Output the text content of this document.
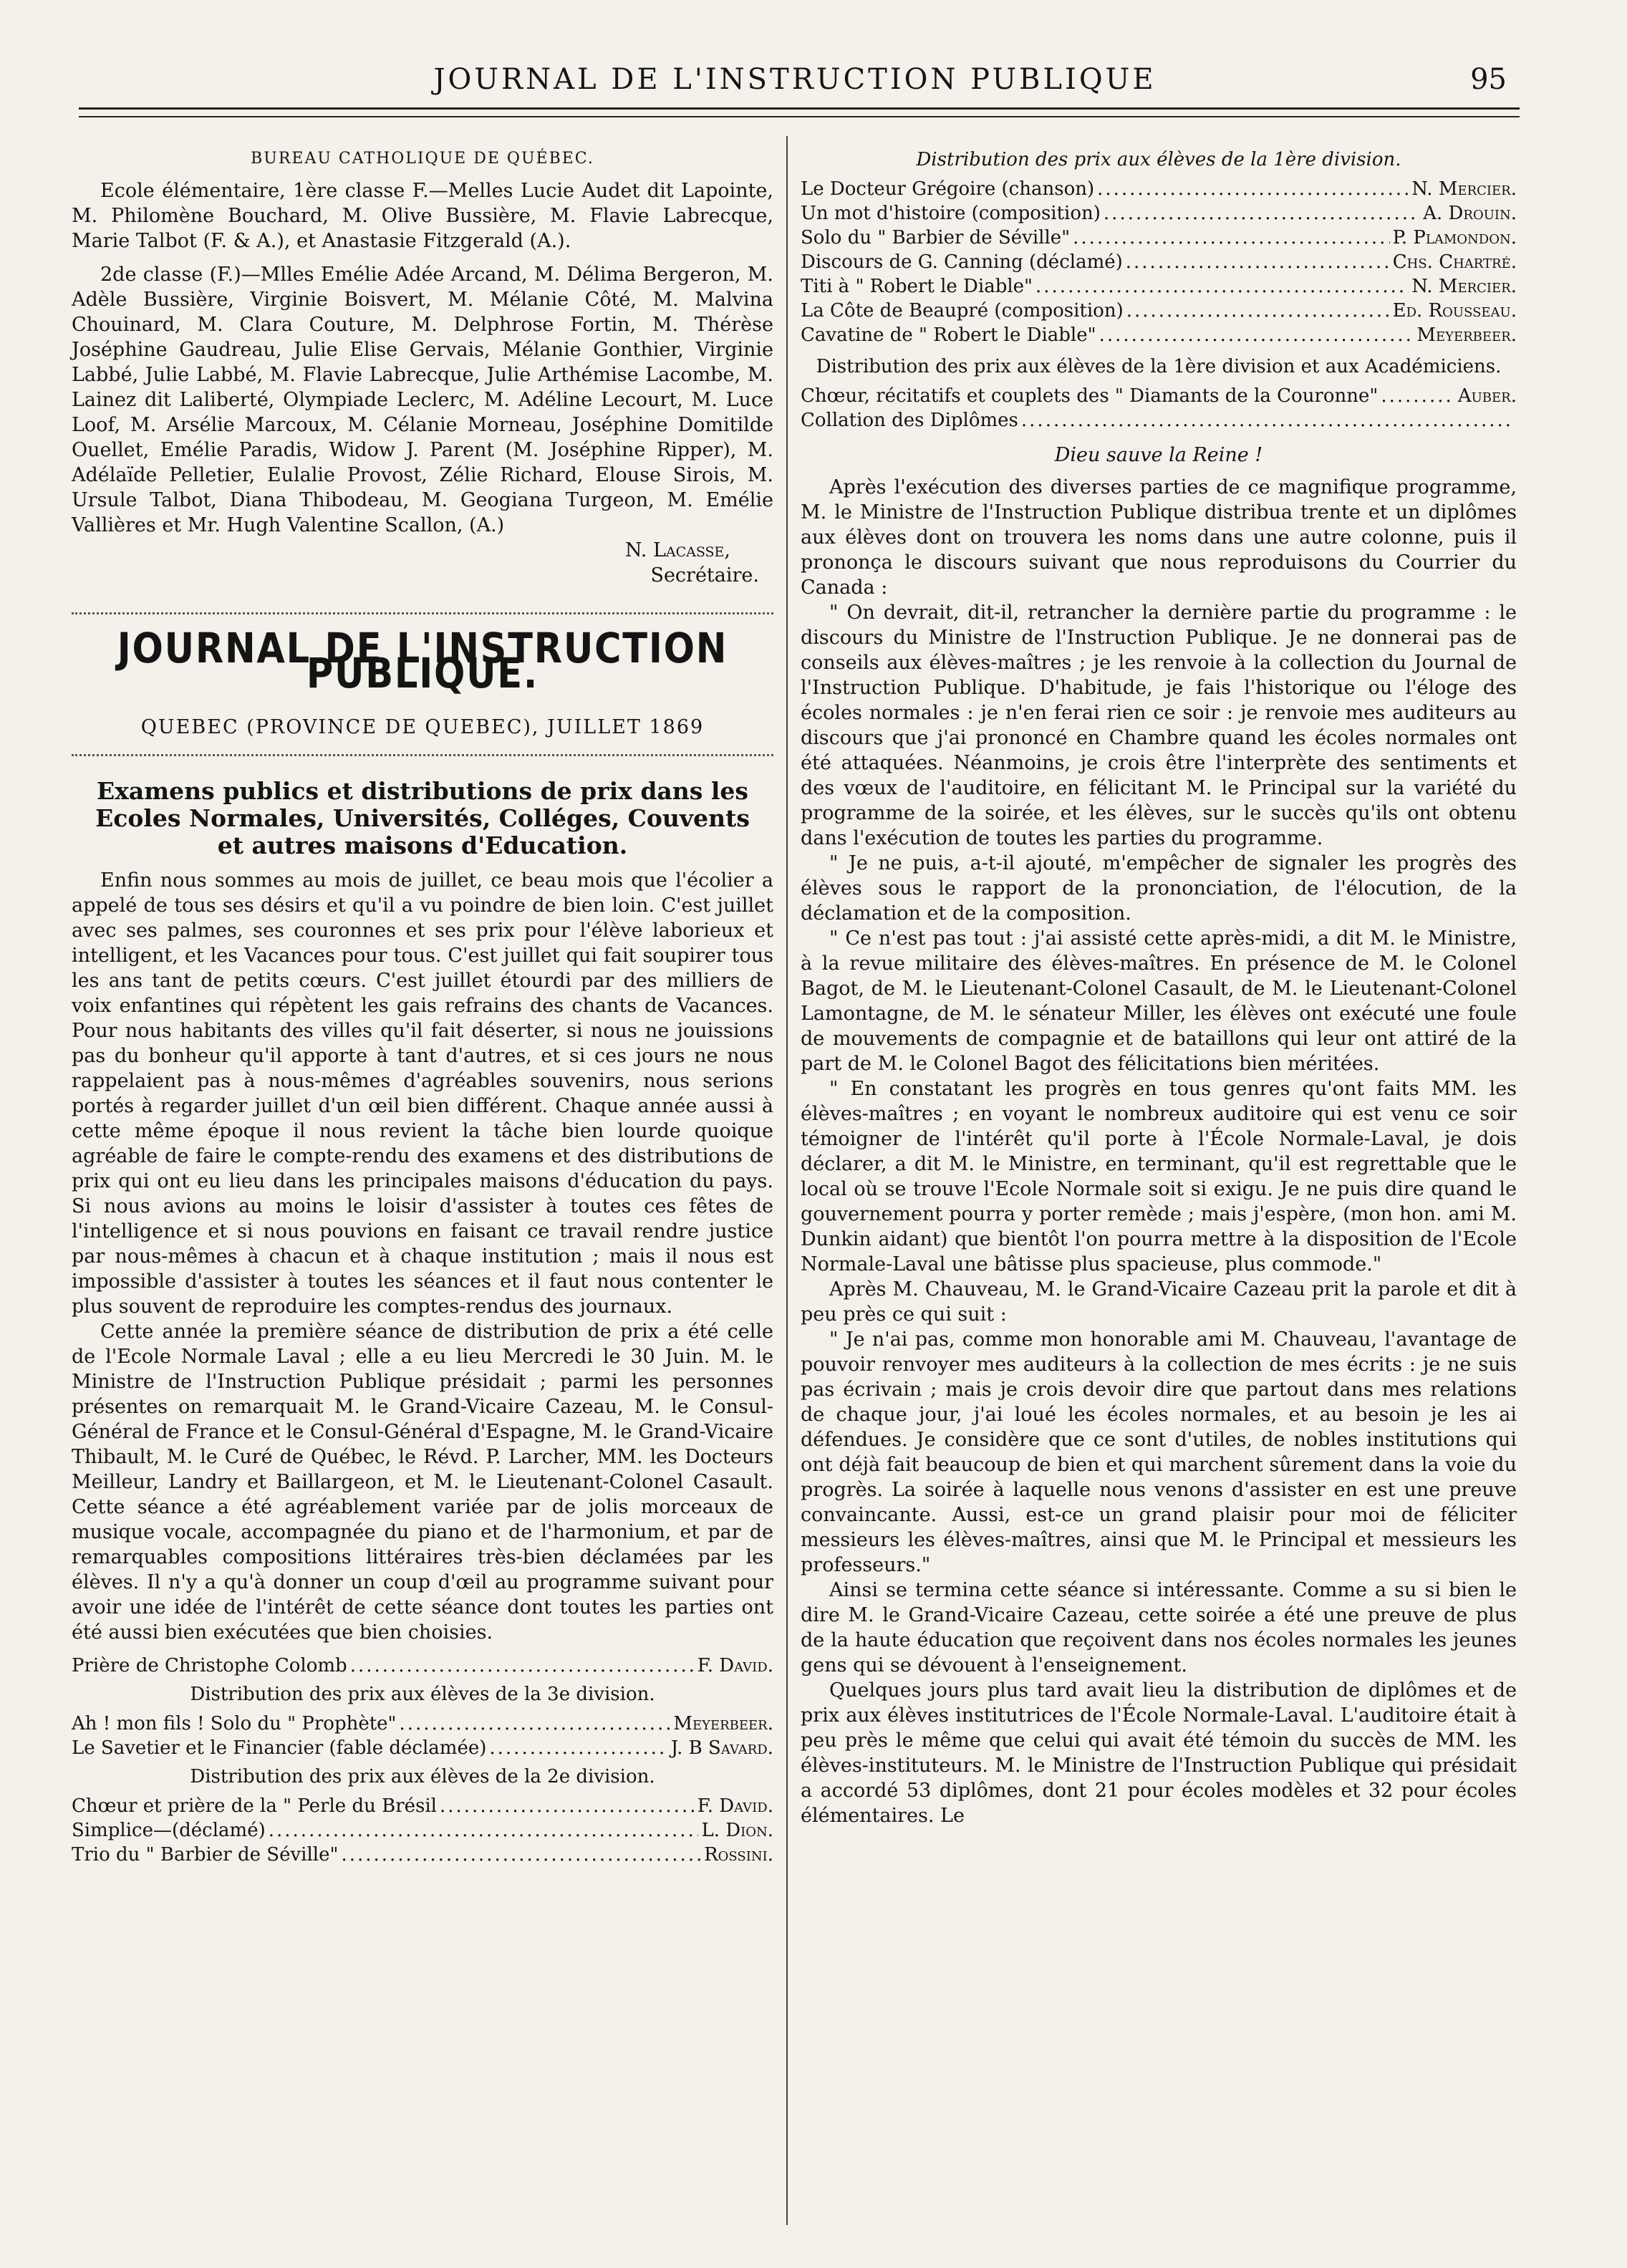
JOURNAL DE L'INSTRUCTION PUBLIQUE	95
BUREAU CATHOLIQUE DE QUÉBEC.

Ecole élémentaire, 1ère classe F.—Melles Lucie Audet dit Lapointe, M. Philomène Bouchard, M. Olive Bussière, M. Flavie Labrecque, Marie Talbot (F. & A.), et Anastasie Fitzgerald (A.).

2de classe (F.)—Mlles Emélie Adée Arcand, M. Délima Bergeron, M. Adèle Bussière, Virginie Boisvert, M. Mélanie Côté, M. Malvina Chouinard, M. Clara Couture, M. Delphrose Fortin, M. Thérèse Joséphine Gaudreau, Julie Elise Gervais, Mélanie Gonthier, Virginie Labbé, Julie Labbé, M. Flavie Labrecque, Julie Arthémise Lacombe, M. Lainez dit Laliberté, Olympiade Leclerc, M. Adéline Lecourt, M. Luce Loof, M. Arsélie Marcoux, M. Célanie Morneau, Joséphine Domitilde Ouellet, Emélie Paradis, Widow J. Parent (M. Joséphine Ripper), M. Adélaïde Pelletier, Eulalie Provost, Zélie Richard, Elouse Sirois, M. Ursule Talbot, Diana Thibodeau, M. Geogiana Turgeon, M. Emélie Vallières et Mr. Hugh Valentine Scallon, (A.)

N. Lacasse,

Secrétaire.

JOURNAL DE L'INSTRUCTION PUBLIQUE.
QUEBEC (PROVINCE DE QUEBEC), JUILLET 1869
Examens publics et distributions de prix dans les Ecoles Normales, Universités, Colléges, Couvents et autres maisons d'Education.

Enfin nous sommes au mois de juillet, ce beau mois que l'écolier a appelé de tous ses désirs et qu'il a vu poindre de bien loin. C'est juillet avec ses palmes, ses couronnes et ses prix pour l'élève laborieux et intelligent, et les Vacances pour tous. C'est juillet qui fait soupirer tous les ans tant de petits cœurs. C'est juillet étourdi par des milliers de voix enfantines qui répètent les gais refrains des chants de Vacances. Pour nous habitants des villes qu'il fait déserter, si nous ne jouissions pas du bonheur qu'il apporte à tant d'autres, et si ces jours ne nous rappelaient pas à nous-mêmes d'agréables souvenirs, nous serions portés à regarder juillet d'un œil bien différent. Chaque année aussi à cette même époque il nous revient la tâche bien lourde quoique agréable de faire le compte-rendu des examens et des distributions de prix qui ont eu lieu dans les principales maisons d'éducation du pays. Si nous avions au moins le loisir d'assister à toutes ces fêtes de l'intelligence et si nous pouvions en faisant ce travail rendre justice par nous-mêmes à chacun et à chaque institution ; mais il nous est impossible d'assister à toutes les séances et il faut nous contenter le plus souvent de reproduire les comptes-rendus des journaux.

Cette année la première séance de distribution de prix a été celle de l'Ecole Normale Laval ; elle a eu lieu Mercredi le 30 Juin. M. le Ministre de l'Instruction Publique présidait ; parmi les personnes présentes on remarquait M. le Grand-Vicaire Cazeau, M. le Consul-Général de France et le Consul-Général d'Espagne, M. le Grand-Vicaire Thibault, M. le Curé de Québec, le Révd. P. Larcher, MM. les Docteurs Meilleur, Landry et Baillargeon, et M. le Lieutenant-Colonel Casault. Cette séance a été agréablement variée par de jolis morceaux de musique vocale, accompagnée du piano et de l'harmonium, et par de remarquables compositions littéraires très-bien déclamées par les élèves. Il n'y a qu'à donner un coup d'œil au programme suivant pour avoir une idée de l'intérêt de cette séance dont toutes les parties ont été aussi bien exécutées que bien choisies.

Prière de Christophe Colomb .....	F. David.
Distribution des prix aux élèves de la 3e division.
Ah ! mon fils ! Solo du " Prophète" .....	Meyerbeer.
Le Savetier et le Financier (fable déclamée) .....	J. B Savard.
Distribution des prix aux élèves de la 2e division.
Chœur et prière de la " Perle du Brésil .....	F. David.
Simplice—(déclamé) .....	L. Dion.
Trio du " Barbier de Séville" .....	Rossini.
Distribution des prix aux élèves de la 1ère division.
Le Docteur Grégoire (chanson) .....	N. Mercier.
Un mot d'histoire (composition) .....	A. Drouin.
Solo du " Barbier de Séville" .....	P. Plamondon.
Discours de G. Canning (déclamé) .....	Chs. Chartré.
Titi à " Robert le Diable" .....	N. Mercier.
La Côte de Beaupré (composition) .....	Ed. Rousseau.
Cavatine de " Robert le Diable" .....	Meyerbeer.
Distribution des prix aux élèves de la 1ère division et aux Académiciens.
Chœur, récitatifs et couplets des " Diamants de la Couronne" .....	Auber.
Collation des Diplômes
.....
Dieu sauve la Reine !

Après l'exécution des diverses parties de ce magnifique programme, M. le Ministre de l'Instruction Publique distribua trente et un diplômes aux élèves dont on trouvera les noms dans une autre colonne, puis il prononça le discours suivant que nous reproduisons du Courrier du Canada :

" On devrait, dit-il, retrancher la dernière partie du programme : le discours du Ministre de l'Instruction Publique. Je ne donnerai pas de conseils aux élèves-maîtres ; je les renvoie à la collection du Journal de l'Instruction Publique. D'habitude, je fais l'historique ou l'éloge des écoles normales : je n'en ferai rien ce soir : je renvoie mes auditeurs au discours que j'ai prononcé en Chambre quand les écoles normales ont été attaquées. Néanmoins, je crois être l'interprète des sentiments et des vœux de l'auditoire, en félicitant M. le Principal sur la variété du programme de la soirée, et les élèves, sur le succès qu'ils ont obtenu dans l'exécution de toutes les parties du programme.

" Je ne puis, a-t-il ajouté, m'empêcher de signaler les progrès des élèves sous le rapport de la prononciation, de l'élocution, de la déclamation et de la composition.

" Ce n'est pas tout : j'ai assisté cette après-midi, a dit M. le Ministre, à la revue militaire des élèves-maîtres. En présence de M. le Colonel Bagot, de M. le Lieutenant-Colonel Casault, de M. le Lieutenant-Colonel Lamontagne, de M. le sénateur Miller, les élèves ont exécuté une foule de mouvements de compagnie et de bataillons qui leur ont attiré de la part de M. le Colonel Bagot des félicitations bien méritées.

" En constatant les progrès en tous genres qu'ont faits MM. les élèves-maîtres ; en voyant le nombreux auditoire qui est venu ce soir témoigner de l'intérêt qu'il porte à l'École Normale-Laval, je dois déclarer, a dit M. le Ministre, en terminant, qu'il est regrettable que le local où se trouve l'Ecole Normale soit si exigu. Je ne puis dire quand le gouvernement pourra y porter remède ; mais j'espère, (mon hon. ami M. Dunkin aidant) que bientôt l'on pourra mettre à la disposition de l'Ecole Normale-Laval une bâtisse plus spacieuse, plus commode."

Après M. Chauveau, M. le Grand-Vicaire Cazeau prit la parole et dit à peu près ce qui suit :

" Je n'ai pas, comme mon honorable ami M. Chauveau, l'avantage de pouvoir renvoyer mes auditeurs à la collection de mes écrits : je ne suis pas écrivain ; mais je crois devoir dire que partout dans mes relations de chaque jour, j'ai loué les écoles normales, et au besoin je les ai défendues. Je considère que ce sont d'utiles, de nobles institutions qui ont déjà fait beaucoup de bien et qui marchent sûrement dans la voie du progrès. La soirée à laquelle nous venons d'assister en est une preuve convaincante. Aussi, est-ce un grand plaisir pour moi de féliciter messieurs les élèves-maîtres, ainsi que M. le Principal et messieurs les professeurs."

Ainsi se termina cette séance si intéressante. Comme a su si bien le dire M. le Grand-Vicaire Cazeau, cette soirée a été une preuve de plus de la haute éducation que reçoivent dans nos écoles normales les jeunes gens qui se dévouent à l'enseignement.

Quelques jours plus tard avait lieu la distribution de diplômes et de prix aux élèves institutrices de l'École Normale-Laval. L'auditoire était à peu près le même que celui qui avait été témoin du succès de MM. les élèves-instituteurs. M. le Ministre de l'Instruction Publique qui présidait a accordé 53 diplômes, dont 21 pour écoles modèles et 32 pour écoles élémentaires. Le
